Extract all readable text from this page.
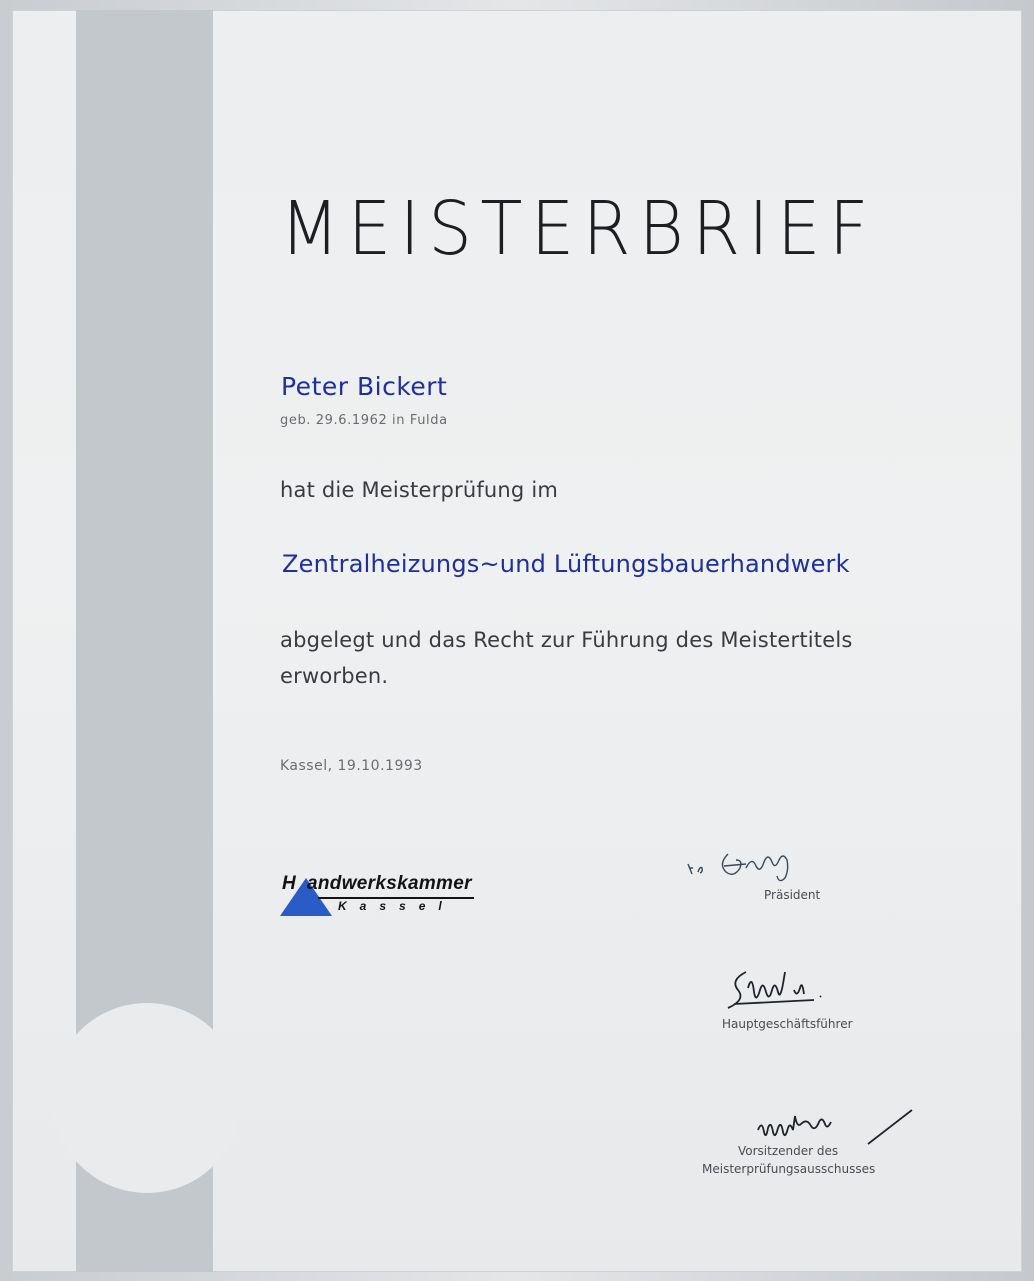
MEISTERBRIEF
Peter Bickert
geb. 29.6.1962 in Fulda
hat die Meisterprüfung im
Zentralheizungs~und Lüftungsbauerhandwerk
abgelegt und das Recht zur Führung des Meistertitels
erworben.
Kassel, 19.10.1993
H andwerkskammer
Kassel
Präsident
Hauptgeschäftsführer
Vorsitzender des
Meisterprüfungsausschusses
